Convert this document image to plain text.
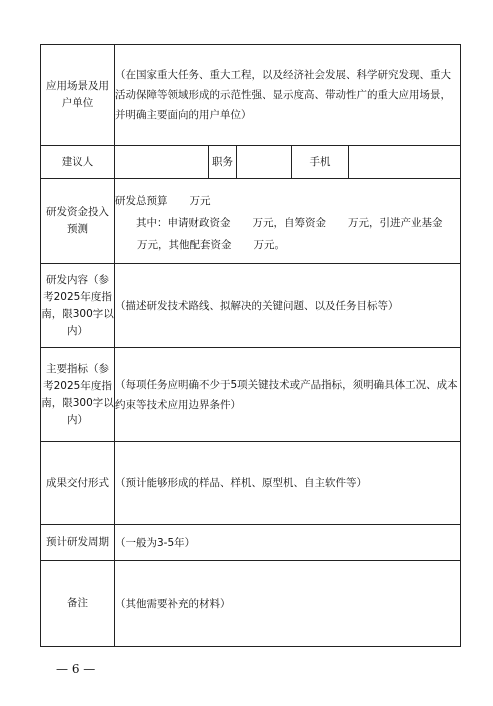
应用场景及用户单位	（在国家重大任务、重大工程，以及经济社会发展、科学研究发现、重大活动保障等领域形成的示范性强、显示度高、带动性广的重大应用场景，并明确主要面向的用户单位）				
建议人		职务		手机	
研发资金投入预测	研发总预算 万元
其中：申请财政资金 万元，自筹资金 万元，引进产业基金
万元，其他配套资金 万元。				

研发内容（参考2025年度指南，限300字以内）	（描述研发技术路线、拟解决的关键问题、以及任务目标等）				
主要指标（参考2025年度指南，限300字以内）	（每项任务应明确不少于5项关键技术或产品指标，须明确具体工况、成本约束等技术应用边界条件）				
成果交付形式	（预计能够形成的样品、样机、原型机、自主软件等）				
预计研发周期	（一般为3-5年）				
备注	（其他需要补充的材料）				
— 6 —
